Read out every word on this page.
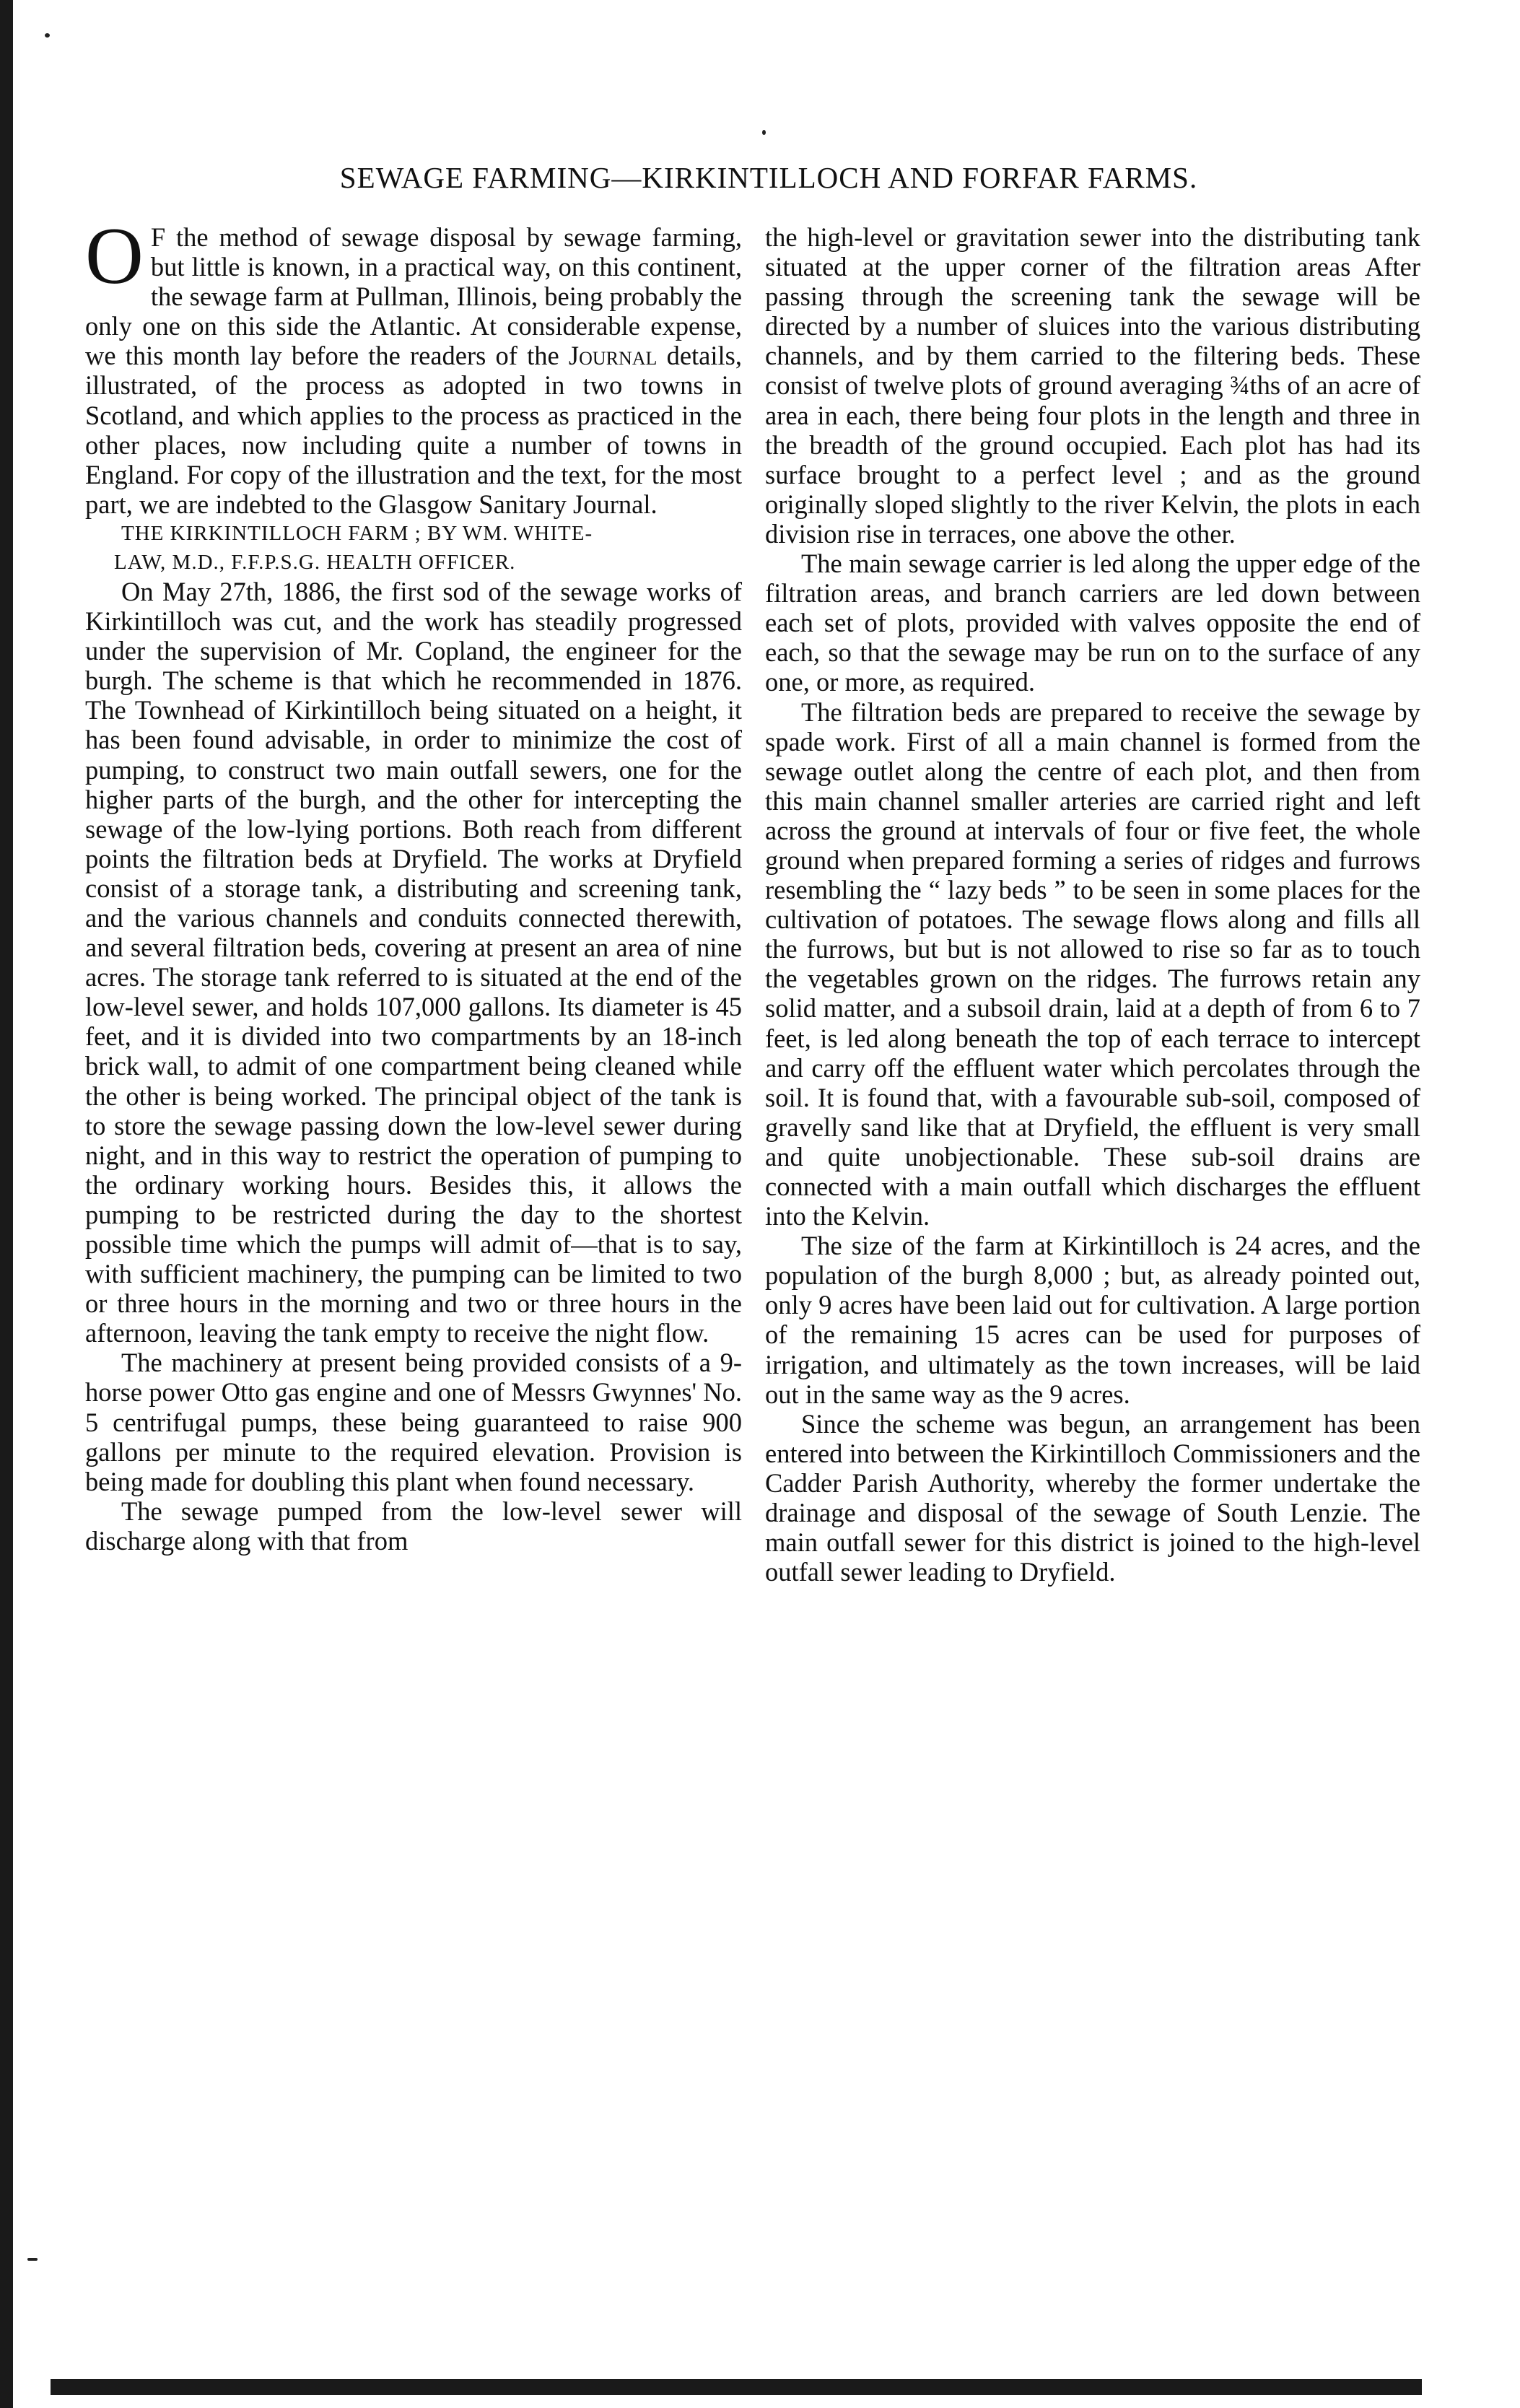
SEWAGE FARMING—KIRKINTILLOCH AND FORFAR FARMS.

O F the method of sewage disposal by sewage farming, but little is known, in a practical way, on this continent, the sewage farm at Pullman, Illinois, being probably the only one on this side the Atlantic. At considerable expense, we this month lay before the readers of the Journal details, illustrated, of the process as adopted in two towns in Scotland, and which applies to the process as practiced in the other places, now including quite a number of towns in England. For copy of the illustration and the text, for the most part, we are indebted to the Glasgow Sanitary Journal.

THE KIRKINTILLOCH FARM ; BY WM. WHITE-
LAW, M.D., F.F.P.S.G. HEALTH OFFICER.

On May 27th, 1886, the first sod of the sewage works of Kirkintilloch was cut, and the work has steadily progressed under the supervision of Mr. Copland, the engineer for the burgh. The scheme is that which he recommended in 1876. The Townhead of Kirkintilloch being situated on a height, it has been found advisable, in order to minimize the cost of pumping, to construct two main outfall sewers, one for the higher parts of the burgh, and the other for intercepting the sewage of the low-lying portions. Both reach from different points the filtration beds at Dryfield. The works at Dryfield consist of a storage tank, a distributing and screening tank, and the various channels and conduits connected therewith, and several filtration beds, covering at present an area of nine acres. The storage tank referred to is situated at the end of the low-level sewer, and holds 107,000 gallons. Its diameter is 45 feet, and it is divided into two compartments by an 18-inch brick wall, to admit of one compartment being cleaned while the other is being worked. The principal object of the tank is to store the sewage passing down the low-level sewer during night, and in this way to restrict the operation of pumping to the ordinary working hours. Besides this, it allows the pumping to be restricted during the day to the shortest possible time which the pumps will admit of—that is to say, with sufficient machinery, the pumping can be limited to two or three hours in the morning and two or three hours in the afternoon, leaving the tank empty to receive the night flow.

The machinery at present being provided consists of a 9-horse power Otto gas engine and one of Messrs Gwynnes' No. 5 centrifugal pumps, these being guaranteed to raise 900 gallons per minute to the required elevation. Provision is being made for doubling this plant when found necessary.

The sewage pumped from the low-level sewer will discharge along with that from

the high-level or gravitation sewer into the distributing tank situated at the upper corner of the filtration areas After passing through the screening tank the sewage will be directed by a number of sluices into the various distributing channels, and by them carried to the filtering beds. These consist of twelve plots of ground averaging ¾ths of an acre of area in each, there being four plots in the length and three in the breadth of the ground occupied. Each plot has had its surface brought to a perfect level ; and as the ground originally sloped slightly to the river Kelvin, the plots in each division rise in terraces, one above the other.

The main sewage carrier is led along the upper edge of the filtration areas, and branch carriers are led down between each set of plots, provided with valves opposite the end of each, so that the sewage may be run on to the surface of any one, or more, as required.

The filtration beds are prepared to receive the sewage by spade work. First of all a main channel is formed from the sewage outlet along the centre of each plot, and then from this main channel smaller arteries are carried right and left across the ground at intervals of four or five feet, the whole ground when prepared forming a series of ridges and furrows resembling the “ lazy beds ” to be seen in some places for the cultivation of potatoes. The sewage flows along and fills all the furrows, but but is not allowed to rise so far as to touch the vegetables grown on the ridges. The furrows retain any solid matter, and a subsoil drain, laid at a depth of from 6 to 7 feet, is led along beneath the top of each terrace to intercept and carry off the effluent water which percolates through the soil. It is found that, with a favourable sub-soil, composed of gravelly sand like that at Dryfield, the effluent is very small and quite unobjectionable. These sub-soil drains are connected with a main outfall which discharges the effluent into the Kelvin.

The size of the farm at Kirkintilloch is 24 acres, and the population of the burgh 8,000 ; but, as already pointed out, only 9 acres have been laid out for cultivation. A large portion of the remaining 15 acres can be used for purposes of irrigation, and ultimately as the town increases, will be laid out in the same way as the 9 acres.

Since the scheme was begun, an arrangement has been entered into between the Kirkintilloch Commissioners and the Cadder Parish Authority, whereby the former undertake the drainage and disposal of the sewage of South Lenzie. The main outfall sewer for this district is joined to the high-level outfall sewer leading to Dryfield.
